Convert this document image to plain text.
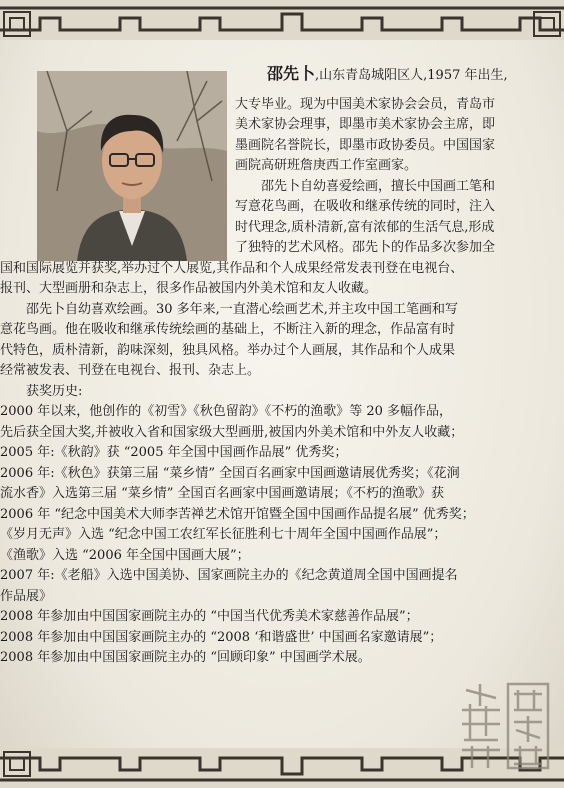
邵先卜,山东青岛城阳区人,1957 年出生,
大专毕业。现为中国美术家协会会员，青岛市
美术家协会理事，即墨市美术家协会主席，即
墨画院名誉院长，即墨市政协委员。中国国家
画院高研班詹庚西工作室画家。
　　邵先卜自幼喜爱绘画，擅长中国画工笔和
写意花鸟画，在吸收和继承传统的同时，注入
时代理念,质朴清新,富有浓郁的生活气息,形成
了独特的艺术风格。邵先卜的作品多次参加全
国和国际展览并获奖,举办过个人展览,其作品和个人成果经常发表刊登在电视台、
报刊、大型画册和杂志上，很多作品被国内外美术馆和友人收藏。
　　邵先卜自幼喜欢绘画。30 多年来,一直潜心绘画艺术,并主攻中国工笔画和写
意花鸟画。他在吸收和继承传统绘画的基础上，不断注入新的理念，作品富有时
代特色，质朴清新，韵味深刻，独具风格。举办过个人画展，其作品和个人成果
经常被发表、刊登在电视台、报刊、杂志上。
　　获奖历史:
2000 年以来，他创作的《初雪》《秋色留韵》《不朽的渔歌》等 20 多幅作品，
先后获全国大奖,并被收入省和国家级大型画册,被国内外美术馆和中外友人收藏；
2005 年:《秋韵》获 “2005 年全国中国画作品展” 优秀奖；
2006 年:《秋色》获第三届 “菜乡情” 全国百名画家中国画邀请展优秀奖；《花涧
流水香》入选第三届 “菜乡情” 全国百名画家中国画邀请展；《不朽的渔歌》获
2006 年 “纪念中国美术大师李苦禅艺术馆开馆暨全国中国画作品提名展” 优秀奖；
《岁月无声》入选 “纪念中国工农红军长征胜利七十周年全国中国画作品展”；
《渔歌》入选 “2006 年全国中国画大展”；
2007 年:《老船》入选中国美协、国家画院主办的《纪念黄道周全国中国画提名
作品展》
2008 年参加由中国国家画院主办的 “中国当代优秀美术家慈善作品展”；
2008 年参加由中国国家画院主办的 “2008 ‘和谐盛世’ 中国画名家邀请展”；
2008 年参加由中国国家画院主办的 “回顾印象” 中国画学术展。
